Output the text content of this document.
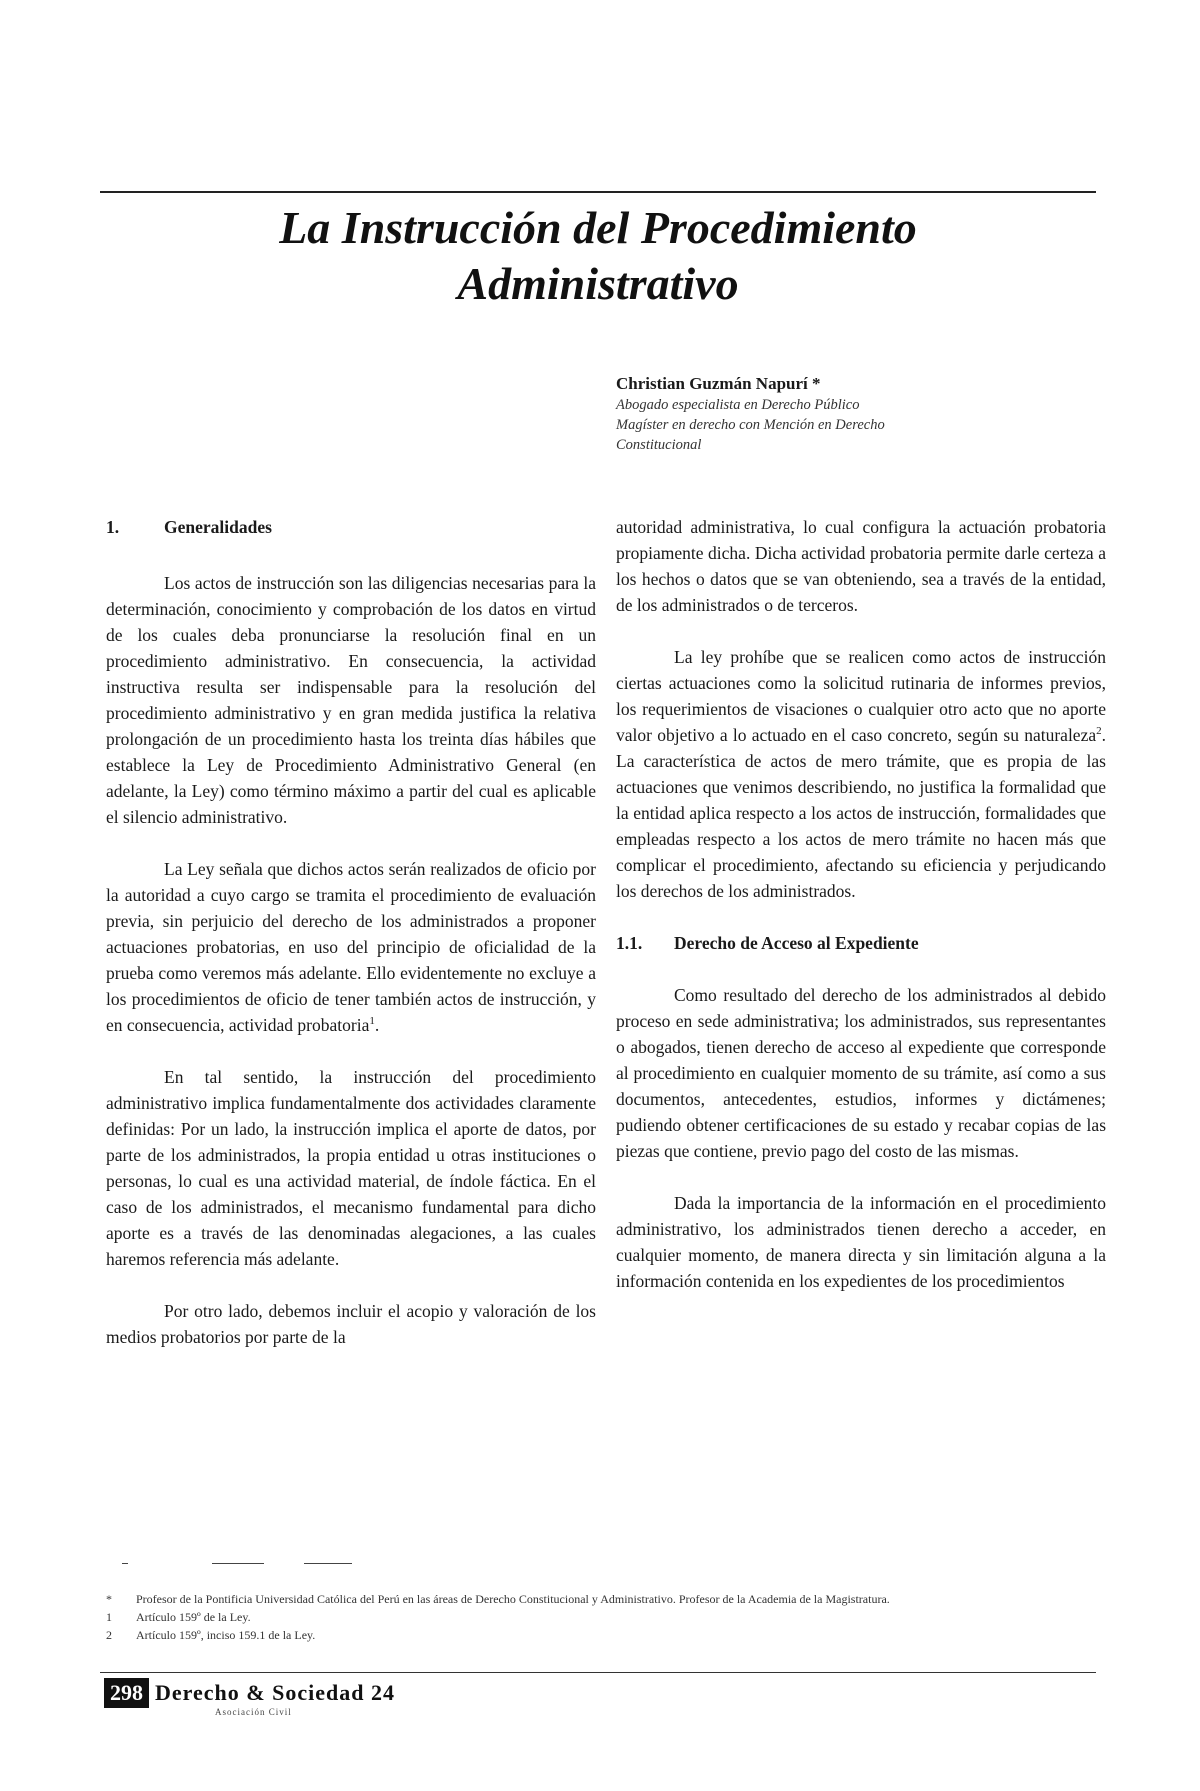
La Instrucción del Procedimiento
Administrativo

Christian Guzmán Napurí *

Abogado especialista en Derecho Público

Magíster en derecho con Mención en Derecho

Constitucional

1.	Generalidades

Los actos de instrucción son las diligencias necesarias para la determinación, conocimiento y comprobación de los datos en virtud de los cuales deba pronunciarse la resolución final en un procedimiento administrativo. En consecuencia, la actividad instructiva resulta ser indispensable para la resolución del procedimiento administrativo y en gran medida justifica la relativa prolongación de un procedimiento hasta los treinta días hábiles que establece la Ley de Procedimiento Administrativo General (en adelante, la Ley) como término máximo a partir del cual es aplicable el silencio administrativo.

La Ley señala que dichos actos serán realizados de oficio por la autoridad a cuyo cargo se tramita el procedimiento de evaluación previa, sin perjuicio del derecho de los administrados a proponer actuaciones probatorias, en uso del principio de oficialidad de la prueba como veremos más adelante. Ello evidentemente no excluye a los procedimientos de oficio de tener también actos de instrucción, y en consecuencia, actividad probatoria$^1$.

En tal sentido, la instrucción del procedimiento administrativo implica fundamentalmente dos actividades claramente definidas: Por un lado, la instrucción implica el aporte de datos, por parte de los administrados, la propia entidad u otras instituciones o personas, lo cual es una actividad material, de índole fáctica. En el caso de los administrados, el mecanismo fundamental para dicho aporte es a través de las denominadas alegaciones, a las cuales haremos referencia más adelante.

Por otro lado, debemos incluir el acopio y valoración de los medios probatorios por parte de la

autoridad administrativa, lo cual configura la actuación probatoria propiamente dicha. Dicha actividad probatoria permite darle certeza a los hechos o datos que se van obteniendo, sea a través de la entidad, de los administrados o de terceros.

La ley prohíbe que se realicen como actos de instrucción ciertas actuaciones como la solicitud rutinaria de informes previos, los requerimientos de visaciones o cualquier otro acto que no aporte valor objetivo a lo actuado en el caso concreto, según su naturaleza$^2$. La característica de actos de mero trámite, que es propia de las actuaciones que venimos describiendo, no justifica la formalidad que la entidad aplica respecto a los actos de instrucción, formalidades que empleadas respecto a los actos de mero trámite no hacen más que complicar el procedimiento, afectando su eficiencia y perjudicando los derechos de los administrados.

1.1.	Derecho de Acceso al Expediente

Como resultado del derecho de los administrados al debido proceso en sede administrativa; los administrados, sus representantes o abogados, tienen derecho de acceso al expediente que corresponde al procedimiento en cualquier momento de su trámite, así como a sus documentos, antecedentes, estudios, informes y dictámenes; pudiendo obtener certificaciones de su estado y recabar copias de las piezas que contiene, previo pago del costo de las mismas.

Dada la importancia de la información en el procedimiento administrativo, los administrados tienen derecho a acceder, en cualquier momento, de manera directa y sin limitación alguna a la información contenida en los expedientes de los procedimientos

*	Profesor de la Pontificia Universidad Católica del Perú en las áreas de Derecho Constitucional y Administrativo. Profesor de la Academia de la Magistratura.
1	Artículo 159º de la Ley.
2	Artículo 159º, inciso 159.1 de la Ley.
298 Derecho & Sociedad 24
Asociación Civil
